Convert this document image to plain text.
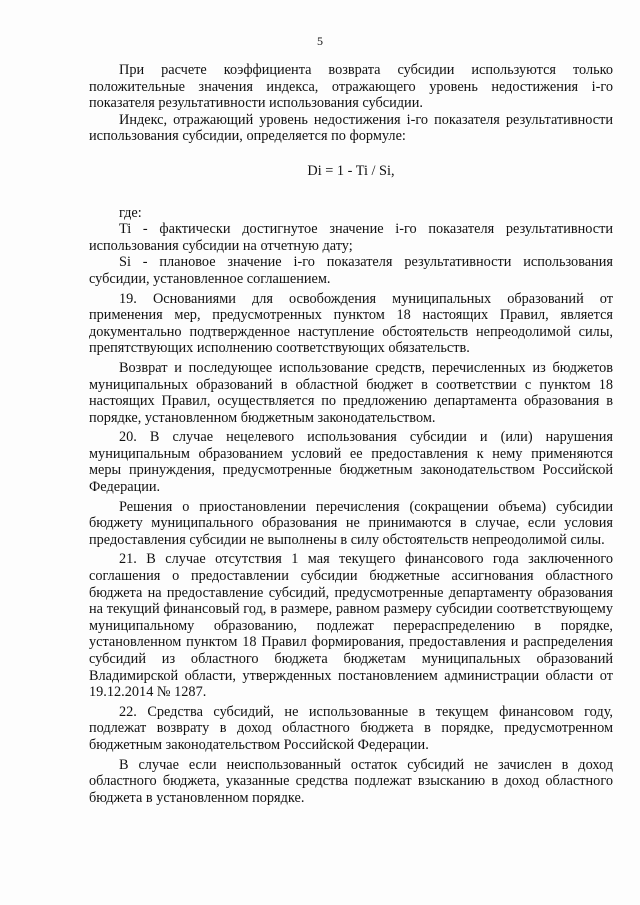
5

При расчете коэффициента возврата субсидии используются только положительные значения индекса, отражающего уровень недостижения i-го показателя результативности использования субсидии.

Индекс, отражающий уровень недостижения i-го показателя результативности использования субсидии, определяется по формуле:

Di = 1 - Ti / Si,

где:

Ti - фактически достигнутое значение i-го показателя результативности использования субсидии на отчетную дату;

Si - плановое значение i-го показателя результативности использования субсидии, установленное соглашением.

19. Основаниями для освобождения муниципальных образований от применения мер, предусмотренных пунктом 18 настоящих Правил, является документально подтвержденное наступление обстоятельств непреодолимой силы, препятствующих исполнению соответствующих обязательств.

Возврат и последующее использование средств, перечисленных из бюджетов муниципальных образований в областной бюджет в соответствии с пунктом 18 настоящих Правил, осуществляется по предложению департамента образования в порядке, установленном бюджетным законодательством.

20. В случае нецелевого использования субсидии и (или) нарушения муниципальным образованием условий ее предоставления к нему применяются меры принуждения, предусмотренные бюджетным законодательством Российской Федерации.

Решения о приостановлении перечисления (сокращении объема) субсидии бюджету муниципального образования не принимаются в случае, если условия предоставления субсидии не выполнены в силу обстоятельств непреодолимой силы.

21. В случае отсутствия 1 мая текущего финансового года заключенного соглашения о предоставлении субсидии бюджетные ассигнования областного бюджета на предоставление субсидий, предусмотренные департаменту образования на текущий финансовый год, в размере, равном размеру субсидии соответствующему муниципальному образованию, подлежат перераспределению в порядке, установленном пунктом 18 Правил формирования, предоставления и распределения субсидий из областного бюджета бюджетам муниципальных образований Владимирской области, утвержденных постановлением администрации области от 19.12.2014 № 1287.

22. Средства субсидий, не использованные в текущем финансовом году, подлежат возврату в доход областного бюджета в порядке, предусмотренном бюджетным законодательством Российской Федерации.

В случае если неиспользованный остаток субсидий не зачислен в доход областного бюджета, указанные средства подлежат взысканию в доход областного бюджета в установленном порядке.
